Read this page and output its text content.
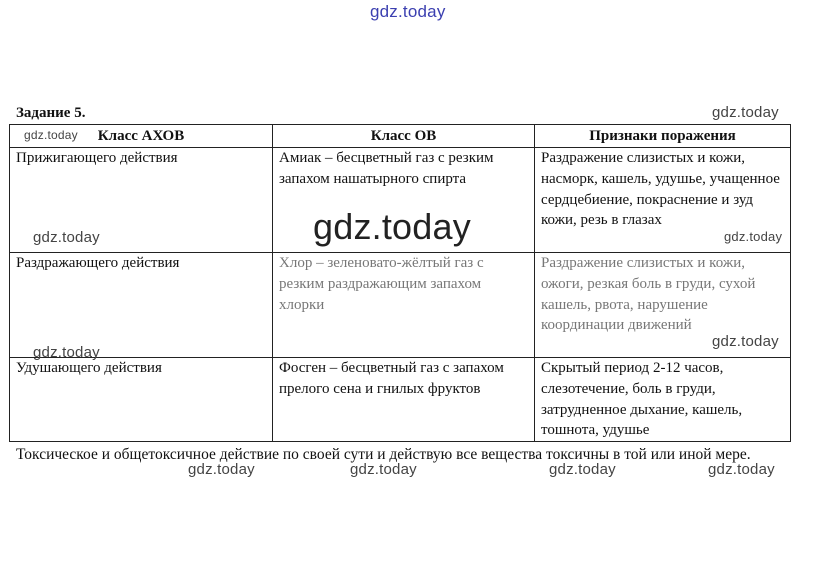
gdz.today
Задание 5.
Класс АХОВ	Класс ОВ	Признаки поражения
Прижигающего действия	Амиак – бесцветный газ с резким запахом нашатырного спирта	Раздражение слизистых и кожи, насморк, кашель, удушье, учащенное сердцебиение, покраснение и зуд кожи, резь в глазах
Раздражающего действия	Хлор – зеленовато-жёлтый газ с резким раздражающим запахом хлорки	Раздражение слизистых и кожи, ожоги, резкая боль в груди, сухой кашель, рвота, нарушение координации движений
Удушающего действия	Фосген – бесцветный газ с запахом прелого сена и гнилых фруктов	Скрытый период 2-12 часов, слезотечение, боль в груди, затрудненное дыхание, кашель, тошнота, удушье
Токсическое и общетоксичное действие по своей сути и действую все вещества токсичны в той или иной мере.
gdz.today
gdz.today
gdz.today
gdz.today	gdz.today
gdz.today
gdz.today
gdz.today	gdz.today	gdz.today	gdz.today
